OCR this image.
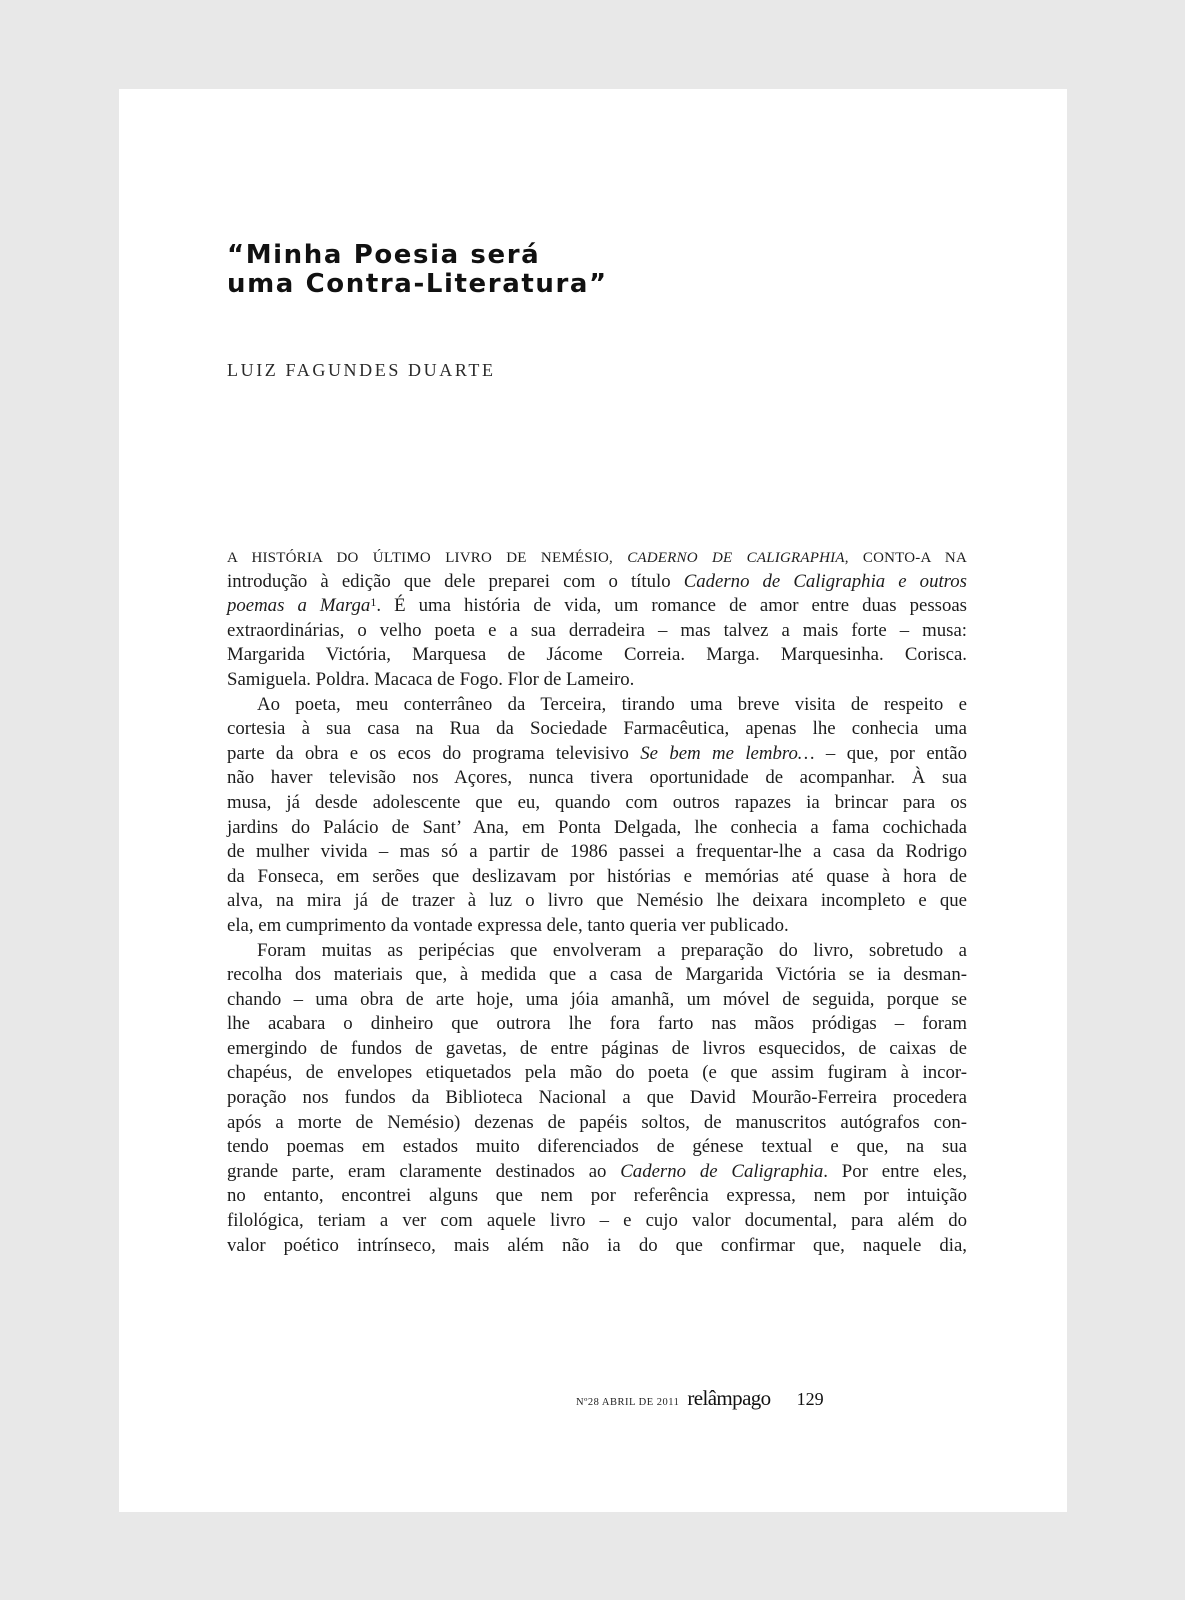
“Minha Poesia será
uma Contra-Literatura”
LUIZ FAGUNDES DUARTE
A HISTÓRIA DO ÚLTIMO LIVRO DE NEMÉSIO, CADERNO DE CALIGRAPHIA, CONTO-A NA
introdução à edição que dele preparei com o título Caderno de Caligraphia e outros
poemas a Marga$^1$. É uma história de vida, um romance de amor entre duas pessoas
extraordinárias, o velho poeta e a sua derradeira – mas talvez a mais forte – musa:
Margarida Victória, Marquesa de Jácome Correia. Marga. Marquesinha. Corisca.
Samiguela. Poldra. Macaca de Fogo. Flor de Lameiro.
Ao poeta, meu conterrâneo da Terceira, tirando uma breve visita de respeito e
cortesia à sua casa na Rua da Sociedade Farmacêutica, apenas lhe conhecia uma
parte da obra e os ecos do programa televisivo Se bem me lembro… – que, por então
não haver televisão nos Açores, nunca tivera oportunidade de acompanhar. À sua
musa, já desde adolescente que eu, quando com outros rapazes ia brincar para os
jardins do Palácio de Sant’ Ana, em Ponta Delgada, lhe conhecia a fama cochichada
de mulher vivida – mas só a partir de 1986 passei a frequentar-lhe a casa da Rodrigo
da Fonseca, em serões que deslizavam por histórias e memórias até quase à hora de
alva, na mira já de trazer à luz o livro que Nemésio lhe deixara incompleto e que
ela, em cumprimento da vontade expressa dele, tanto queria ver publicado.
Foram muitas as peripécias que envolveram a preparação do livro, sobretudo a
recolha dos materiais que, à medida que a casa de Margarida Victória se ia desman-
chando – uma obra de arte hoje, uma jóia amanhã, um móvel de seguida, porque se
lhe acabara o dinheiro que outrora lhe fora farto nas mãos pródigas – foram
emergindo de fundos de gavetas, de entre páginas de livros esquecidos, de caixas de
chapéus, de envelopes etiquetados pela mão do poeta (e que assim fugiram à incor-
poração nos fundos da Biblioteca Nacional a que David Mourão-Ferreira procedera
após a morte de Nemésio) dezenas de papéis soltos, de manuscritos autógrafos con-
tendo poemas em estados muito diferenciados de génese textual e que, na sua
grande parte, eram claramente destinados ao Caderno de Caligraphia. Por entre eles,
no entanto, encontrei alguns que nem por referência expressa, nem por intuição
filológica, teriam a ver com aquele livro – e cujo valor documental, para além do
valor poético intrínseco, mais além não ia do que confirmar que, naquele dia,
Nº28 ABRIL DE 2011 relâmpago 129
